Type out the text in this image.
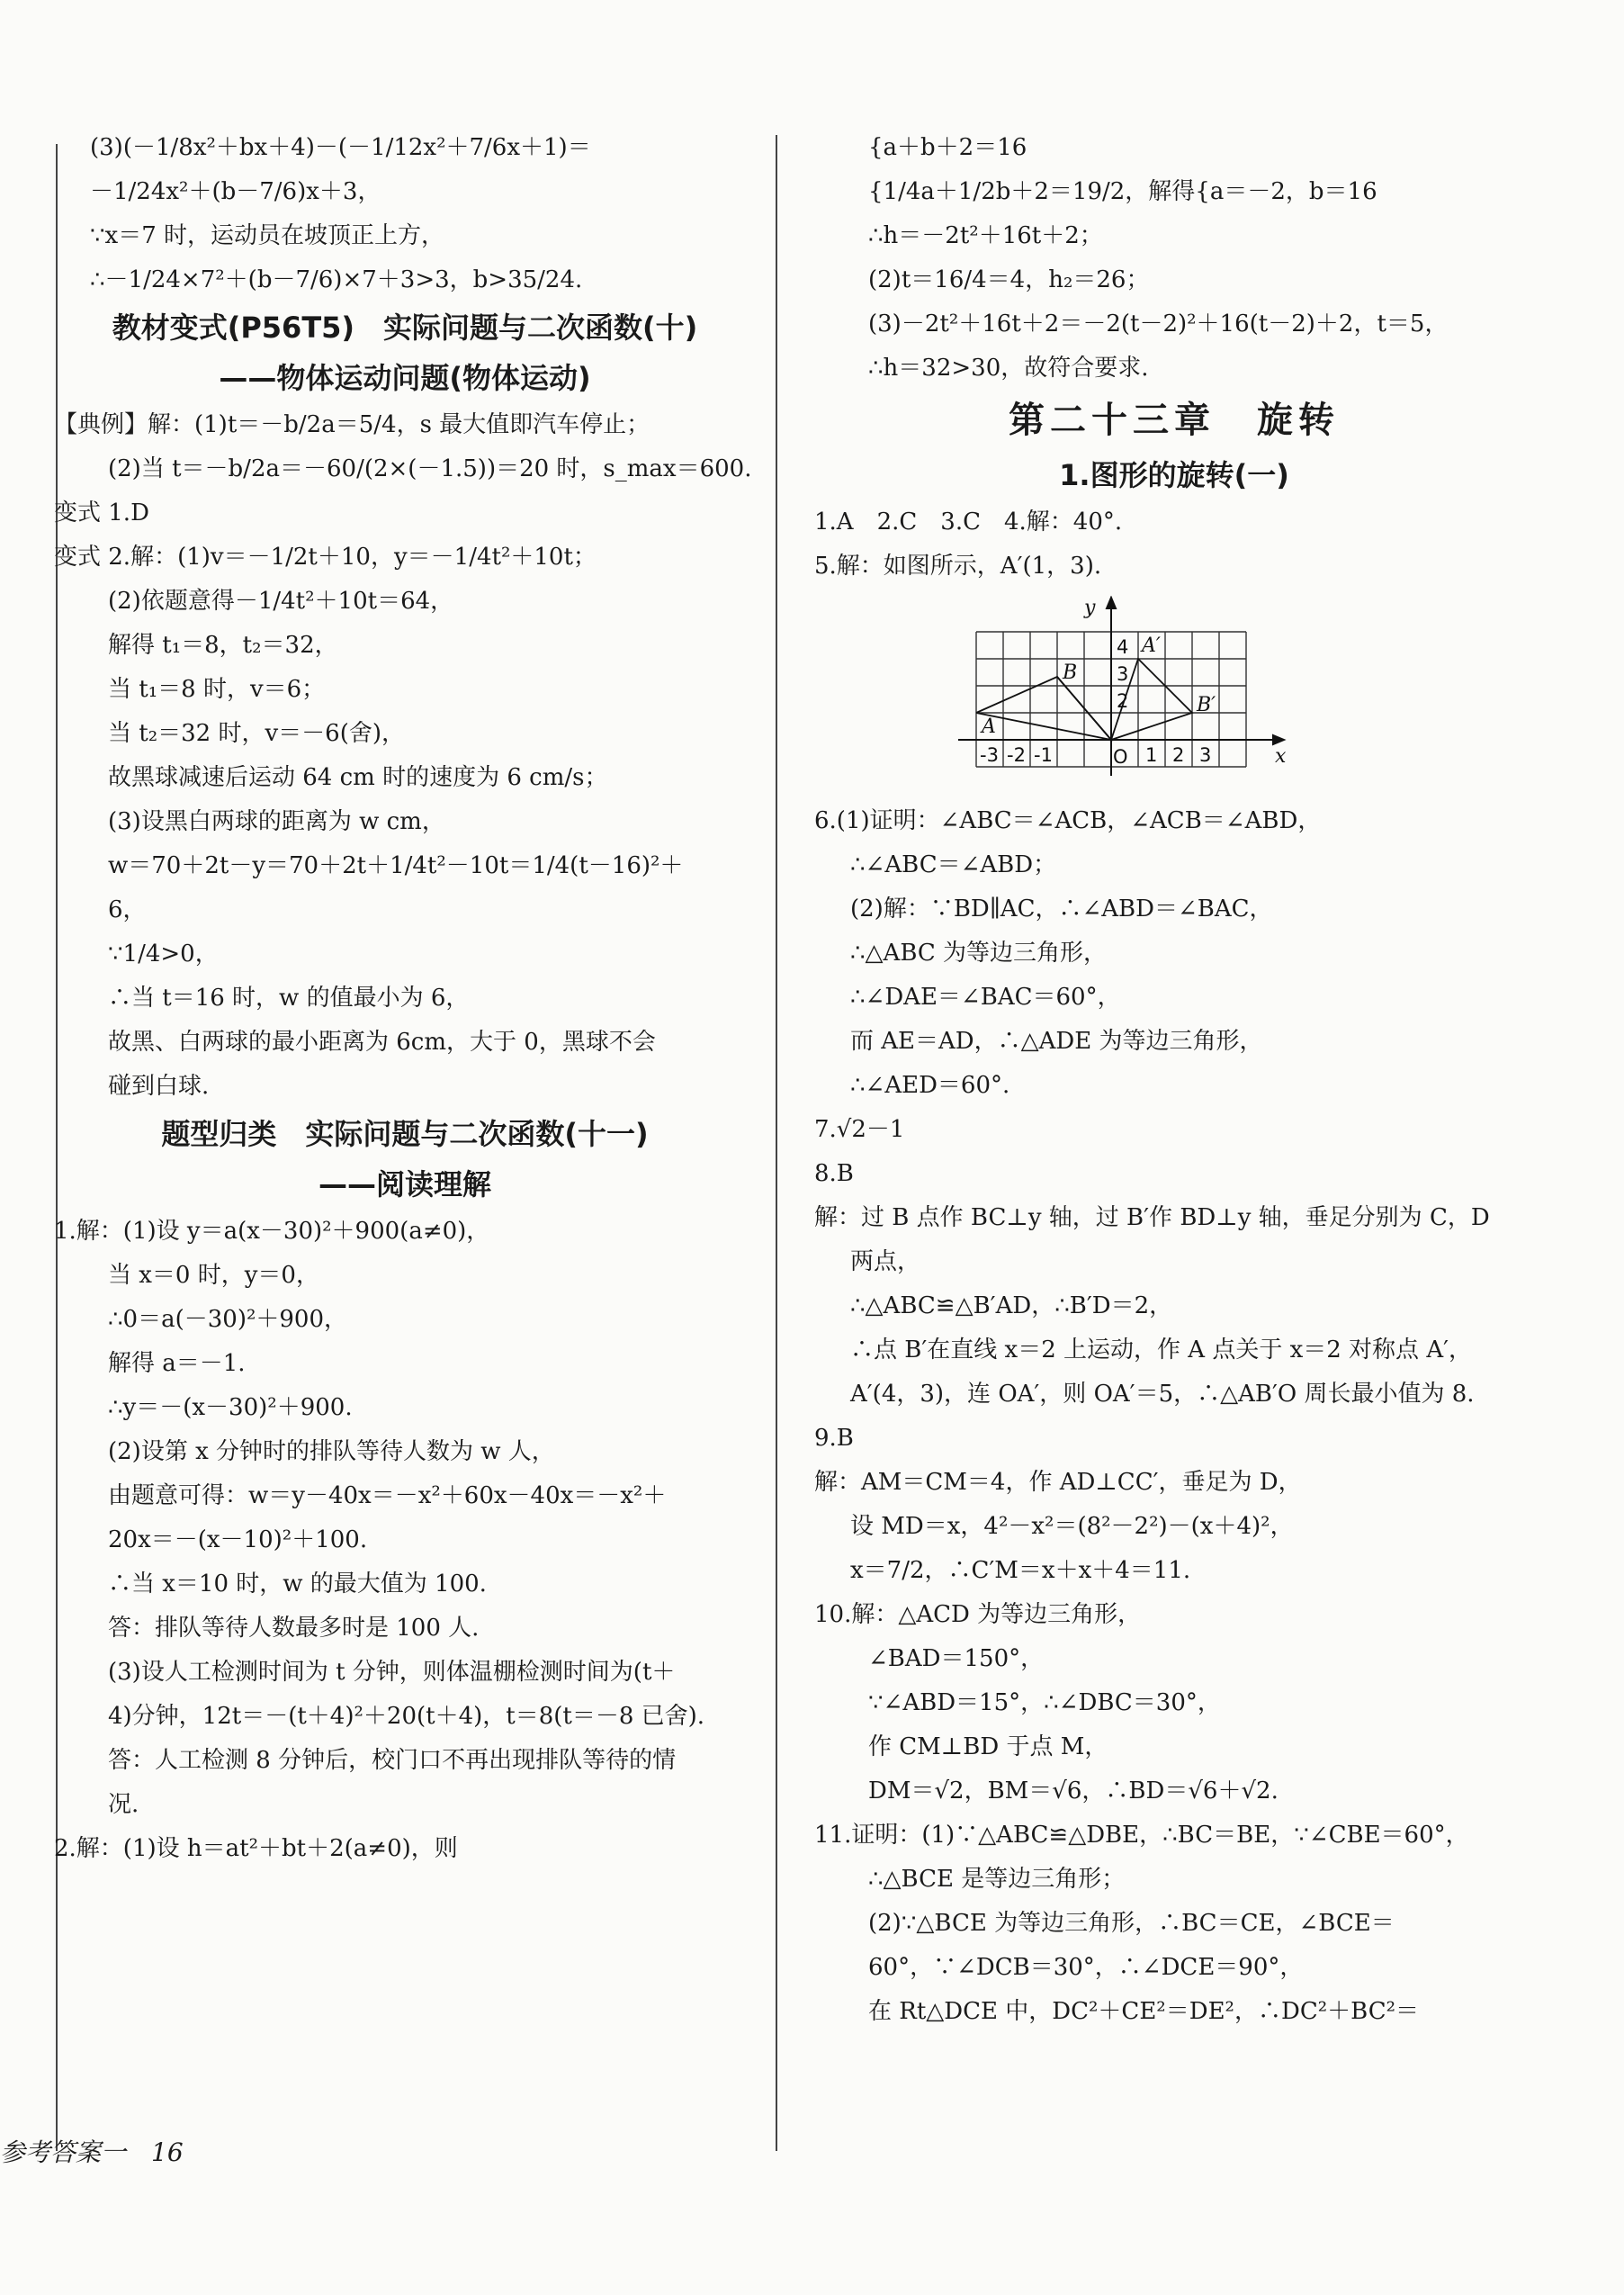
(3)(－1/8x²＋bx＋4)－(－1/12x²＋7/6x＋1)＝
－1/24x²＋(b－7/6)x＋3，
∵x＝7 时，运动员在坡顶正上方，
∴－1/24×7²＋(b－7/6)×7＋3>3，b>35/24.
教材变式(P56T5)　实际问题与二次函数(十)
——物体运动问题(物体运动)
【典例】解：(1)t＝－b/2a＝5/4，s 最大值即汽车停止；
(2)当 t＝－b/2a＝－60/(2×(－1.5))＝20 时，s_max＝600.
变式 1.D
变式 2.解：(1)v＝－1/2t＋10，y＝－1/4t²＋10t；
(2)依题意得－1/4t²＋10t＝64，
解得 t₁＝8，t₂＝32，
当 t₁＝8 时，v＝6；
当 t₂＝32 时，v＝－6(舍)，
故黑球减速后运动 64 cm 时的速度为 6 cm/s；
(3)设黑白两球的距离为 w cm，
w＝70＋2t－y＝70＋2t＋1/4t²－10t＝1/4(t－16)²＋
6，
∵1/4>0，
∴当 t＝16 时，w 的值最小为 6，
故黑、白两球的最小距离为 6cm，大于 0，黑球不会
碰到白球.
题型归类　实际问题与二次函数(十一)
——阅读理解
1.解：(1)设 y＝a(x－30)²＋900(a≠0)，
当 x＝0 时，y＝0，
∴0＝a(－30)²＋900，
解得 a＝－1.
∴y＝－(x－30)²＋900.
(2)设第 x 分钟时的排队等待人数为 w 人，
由题意可得：w＝y－40x＝－x²＋60x－40x＝－x²＋
20x＝－(x－10)²＋100.
∴当 x＝10 时，w 的最大值为 100.
答：排队等待人数最多时是 100 人.
(3)设人工检测时间为 t 分钟，则体温棚检测时间为(t＋
4)分钟，12t＝－(t＋4)²＋20(t＋4)，t＝8(t＝－8 已舍).
答：人工检测 8 分钟后，校门口不再出现排队等待的情
况.
2.解：(1)设 h＝at²＋bt＋2(a≠0)，则
{a＋b＋2＝16
{1/4a＋1/2b＋2＝19/2，解得{a＝－2，b＝16
∴h＝－2t²＋16t＋2；
(2)t＝16/4＝4，h₂＝26；
(3)－2t²＋16t＋2＝－2(t－2)²＋16(t－2)＋2，t＝5，
∴h＝32>30，故符合要求.
第二十三章　旋转
1.图形的旋转(一)
1.A　2.C　3.C　4.解：40°.
5.解：如图所示，A′(1，3).
x
y
A
B
A′
B′
-3 -2 -1	O 1 2 3
2
3
4
6.(1)证明：∠ABC＝∠ACB，∠ACB＝∠ABD，
∴∠ABC＝∠ABD；
(2)解：∵BD∥AC，∴∠ABD＝∠BAC，
∴△ABC 为等边三角形，
∴∠DAE＝∠BAC＝60°，
而 AE＝AD，∴△ADE 为等边三角形，
∴∠AED＝60°.
7.√2－1
8.B
解：过 B 点作 BC⊥y 轴，过 B′作 BD⊥y 轴，垂足分别为 C，D
两点，
∴△ABC≌△B′AD，∴B′D＝2，
∴点 B′在直线 x＝2 上运动，作 A 点关于 x＝2 对称点 A′，
A′(4，3)，连 OA′，则 OA′＝5，∴△AB′O 周长最小值为 8.
9.B
解：AM＝CM＝4，作 AD⊥CC′，垂足为 D，
设 MD＝x，4²－x²＝(8²－2²)－(x＋4)²，
x＝7/2，∴C′M＝x＋x＋4＝11.
10.解：△ACD 为等边三角形，
∠BAD＝150°，
∵∠ABD＝15°，∴∠DBC＝30°，
作 CM⊥BD 于点 M，
DM＝√2，BM＝√6，∴BD＝√6＋√2.
11.证明：(1)∵△ABC≌△DBE，∴BC＝BE，∵∠CBE＝60°，
∴△BCE 是等边三角形；
(2)∵△BCE 为等边三角形，∴BC＝CE，∠BCE＝
60°，∵∠DCB＝30°，∴∠DCE＝90°，
在 Rt△DCE 中，DC²＋CE²＝DE²，∴DC²＋BC²＝
参考答案一　16
